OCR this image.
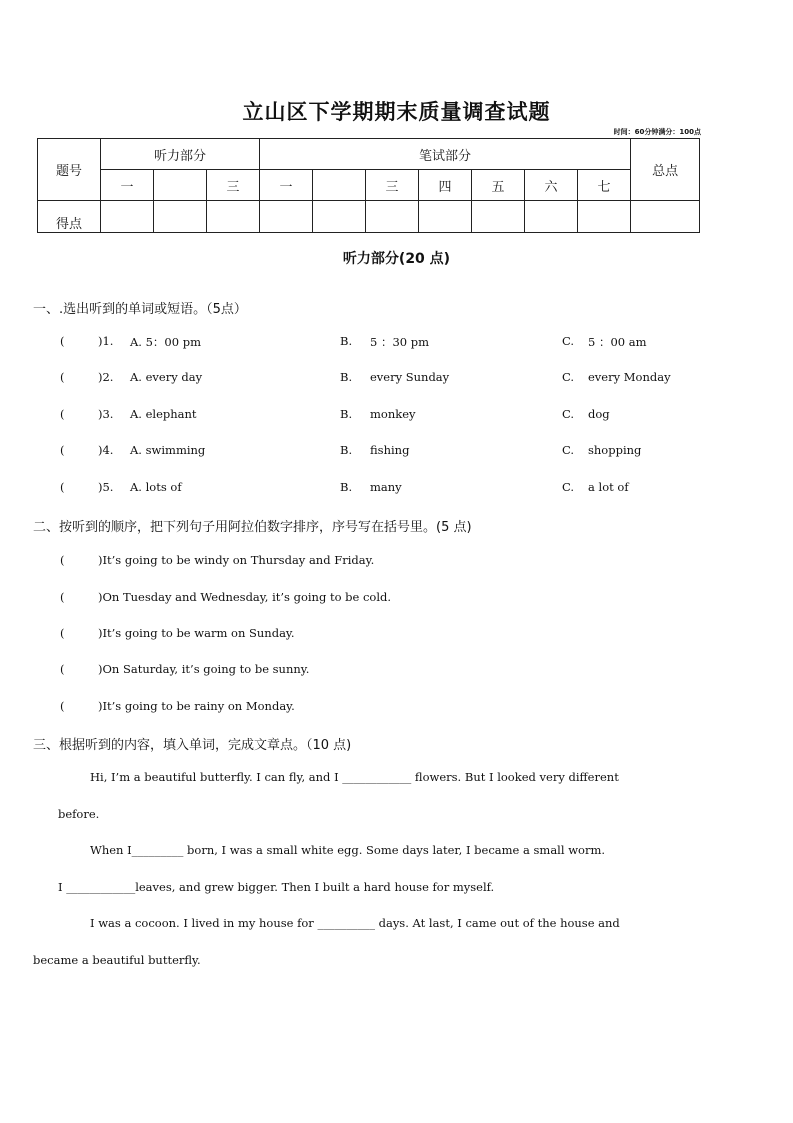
立山区下学期期末质量调查试题
时间：60分钟满分：100点
题号	听力部分			笔试部分							总点
	一		三	一		三	四	五	六	七	
得点											
听力部分(20 点)
一、.选出听到的单词或短语。（5点）
(	)1. A. 5：00 pm	B. 5 ：30 pm	C. 5 ：00 am
(	)2. A. every day	B. every Sunday	C. every Monday
(	)3. A. elephant	B. monkey	C. dog
(	)4. A. swimming	B. fishing	C. shopping
(	)5. A. lots of	B. many	C. a lot of
二、按听到的顺序，把下列句子用阿拉伯数字排序，序号写在括号里。(5 点)
(	)It’s going to be windy on Thursday and Friday.
(	)On Tuesday and Wednesday, it’s going to be cold.
(	)It’s going to be warm on Sunday.
(	)On Saturday, it’s going to be sunny.
(	)It’s going to be rainy on Monday.
三、根据听到的内容，填入单词，完成文章点。（10 点)
Hi, I’m a beautiful butterfly. I can fly, and I ____________ flowers. But I looked very different
before.
When I_________ born, I was a small white egg. Some days later, I became a small worm.
I ____________leaves, and grew bigger. Then I built a hard house for myself.
I was a cocoon. I lived in my house for __________ days. At last, I came out of the house and
became a beautiful butterfly.
